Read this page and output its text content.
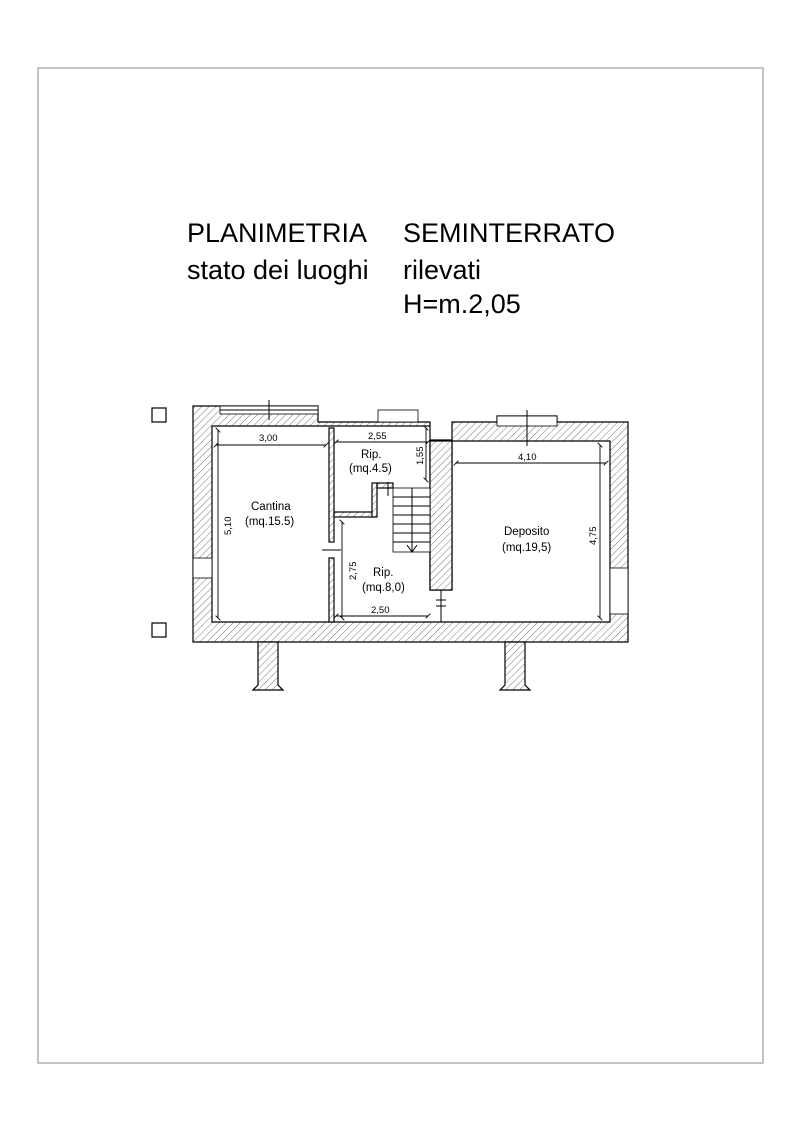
PLANIMETRIA SEMINTERRATO
stato dei luoghi rilevati
H=m.2,05
3,00
5,10
2,55
1,55
2,75
2,50
4,10
4,75
Cantina
(mq.15.5)
Rip.
(mq.4.5)
Rip.
(mq.8,0)
Deposito
(mq.19,5)
